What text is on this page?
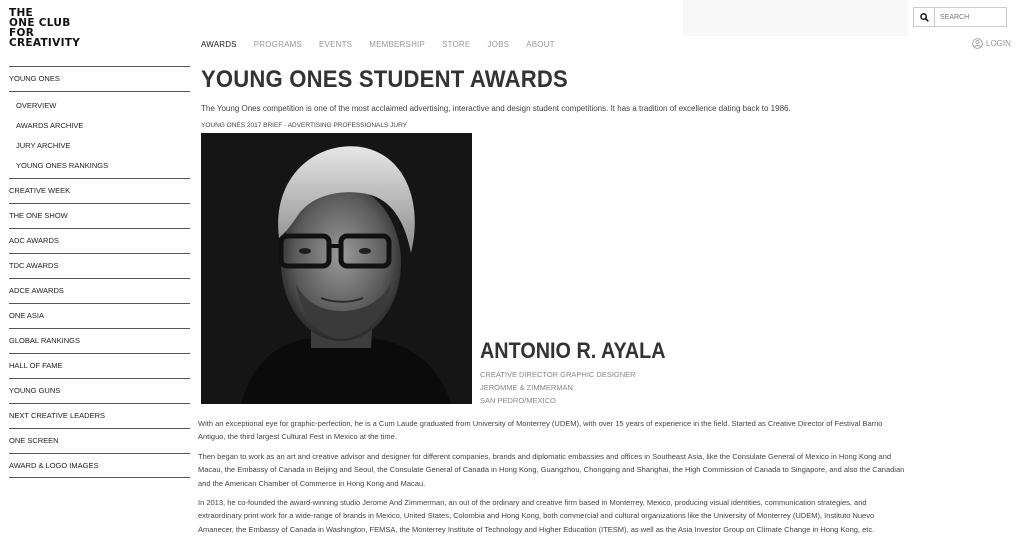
THE
ONE CLUB
FOR
CREATIVITY	AWARDS PROGRAMS EVENTS MEMBERSHIP STORE JOBS ABOUT
SEARCH	LOGIN
YOUNG ONES
OVERVIEW
AWARDS ARCHIVE
JURY ARCHIVE
YOUNG ONES RANKINGS
CREATIVE WEEK
THE ONE SHOW
ADC AWARDS
TDC AWARDS
ADCE AWARDS
ONE ASIA
GLOBAL RANKINGS
HALL OF FAME
YOUNG GUNS
NEXT CREATIVE LEADERS
ONE SCREEN
AWARD & LOGO IMAGES
YOUNG ONES STUDENT AWARDS
The Young Ones competition is one of the most acclaimed advertising, interactive and design student competitions. It has a tradition of excellence dating back to 1986.
YOUNG ONES 2017 BRIEF - ADVERTISING PROFESSIONALS JURY
ANTONIO R. AYALA
CREATIVE DIRECTOR GRAPHIC DESIGNER
JEROMME & ZIMMERMAN
SAN PEDRO/MEXICO
With an exceptional eye for graphic-perfection, he is a Cum Laude graduated from University of Monterrey (UDEM), with over 15 years of experience in the field. Started as Creative Director of Festival Barrio Antiguo, the third largest Cultural Fest in Mexico at the time.
Then began to work as an art and creative advisor and designer for different companies, brands and diplomatic embassies and offices in Southeast Asia, like the Consulate General of Mexico in Hong Kong and Macau, the Embassy of Canada in Beijing and Seoul, the Consulate General of Canada in Hong Kong, Guangzhou, Chongqing and Shanghai, the High Commission of Canada to Singapore, and also the Canadian and the American Chamber of Commerce in Hong Kong and Macau.
In 2013, he co-founded the award-winning studio Jerome And Zimmerman, an out of the ordinary and creative firm based in Monterrey, Mexico, producing visual identities, communication strategies, and extraordinary print work for a wide-range of brands in Mexico, United States, Colombia and Hong Kong, both commercial and cultural organizations like the University of Monterrey (UDEM), Instituto Nuevo Amanecer, the Embassy of Canada in Washington, FEMSA, the Monterrey Institute of Technology and Higher Education (ITESM), as well as the Asia Investor Group on Climate Change in Hong Kong, etc.
